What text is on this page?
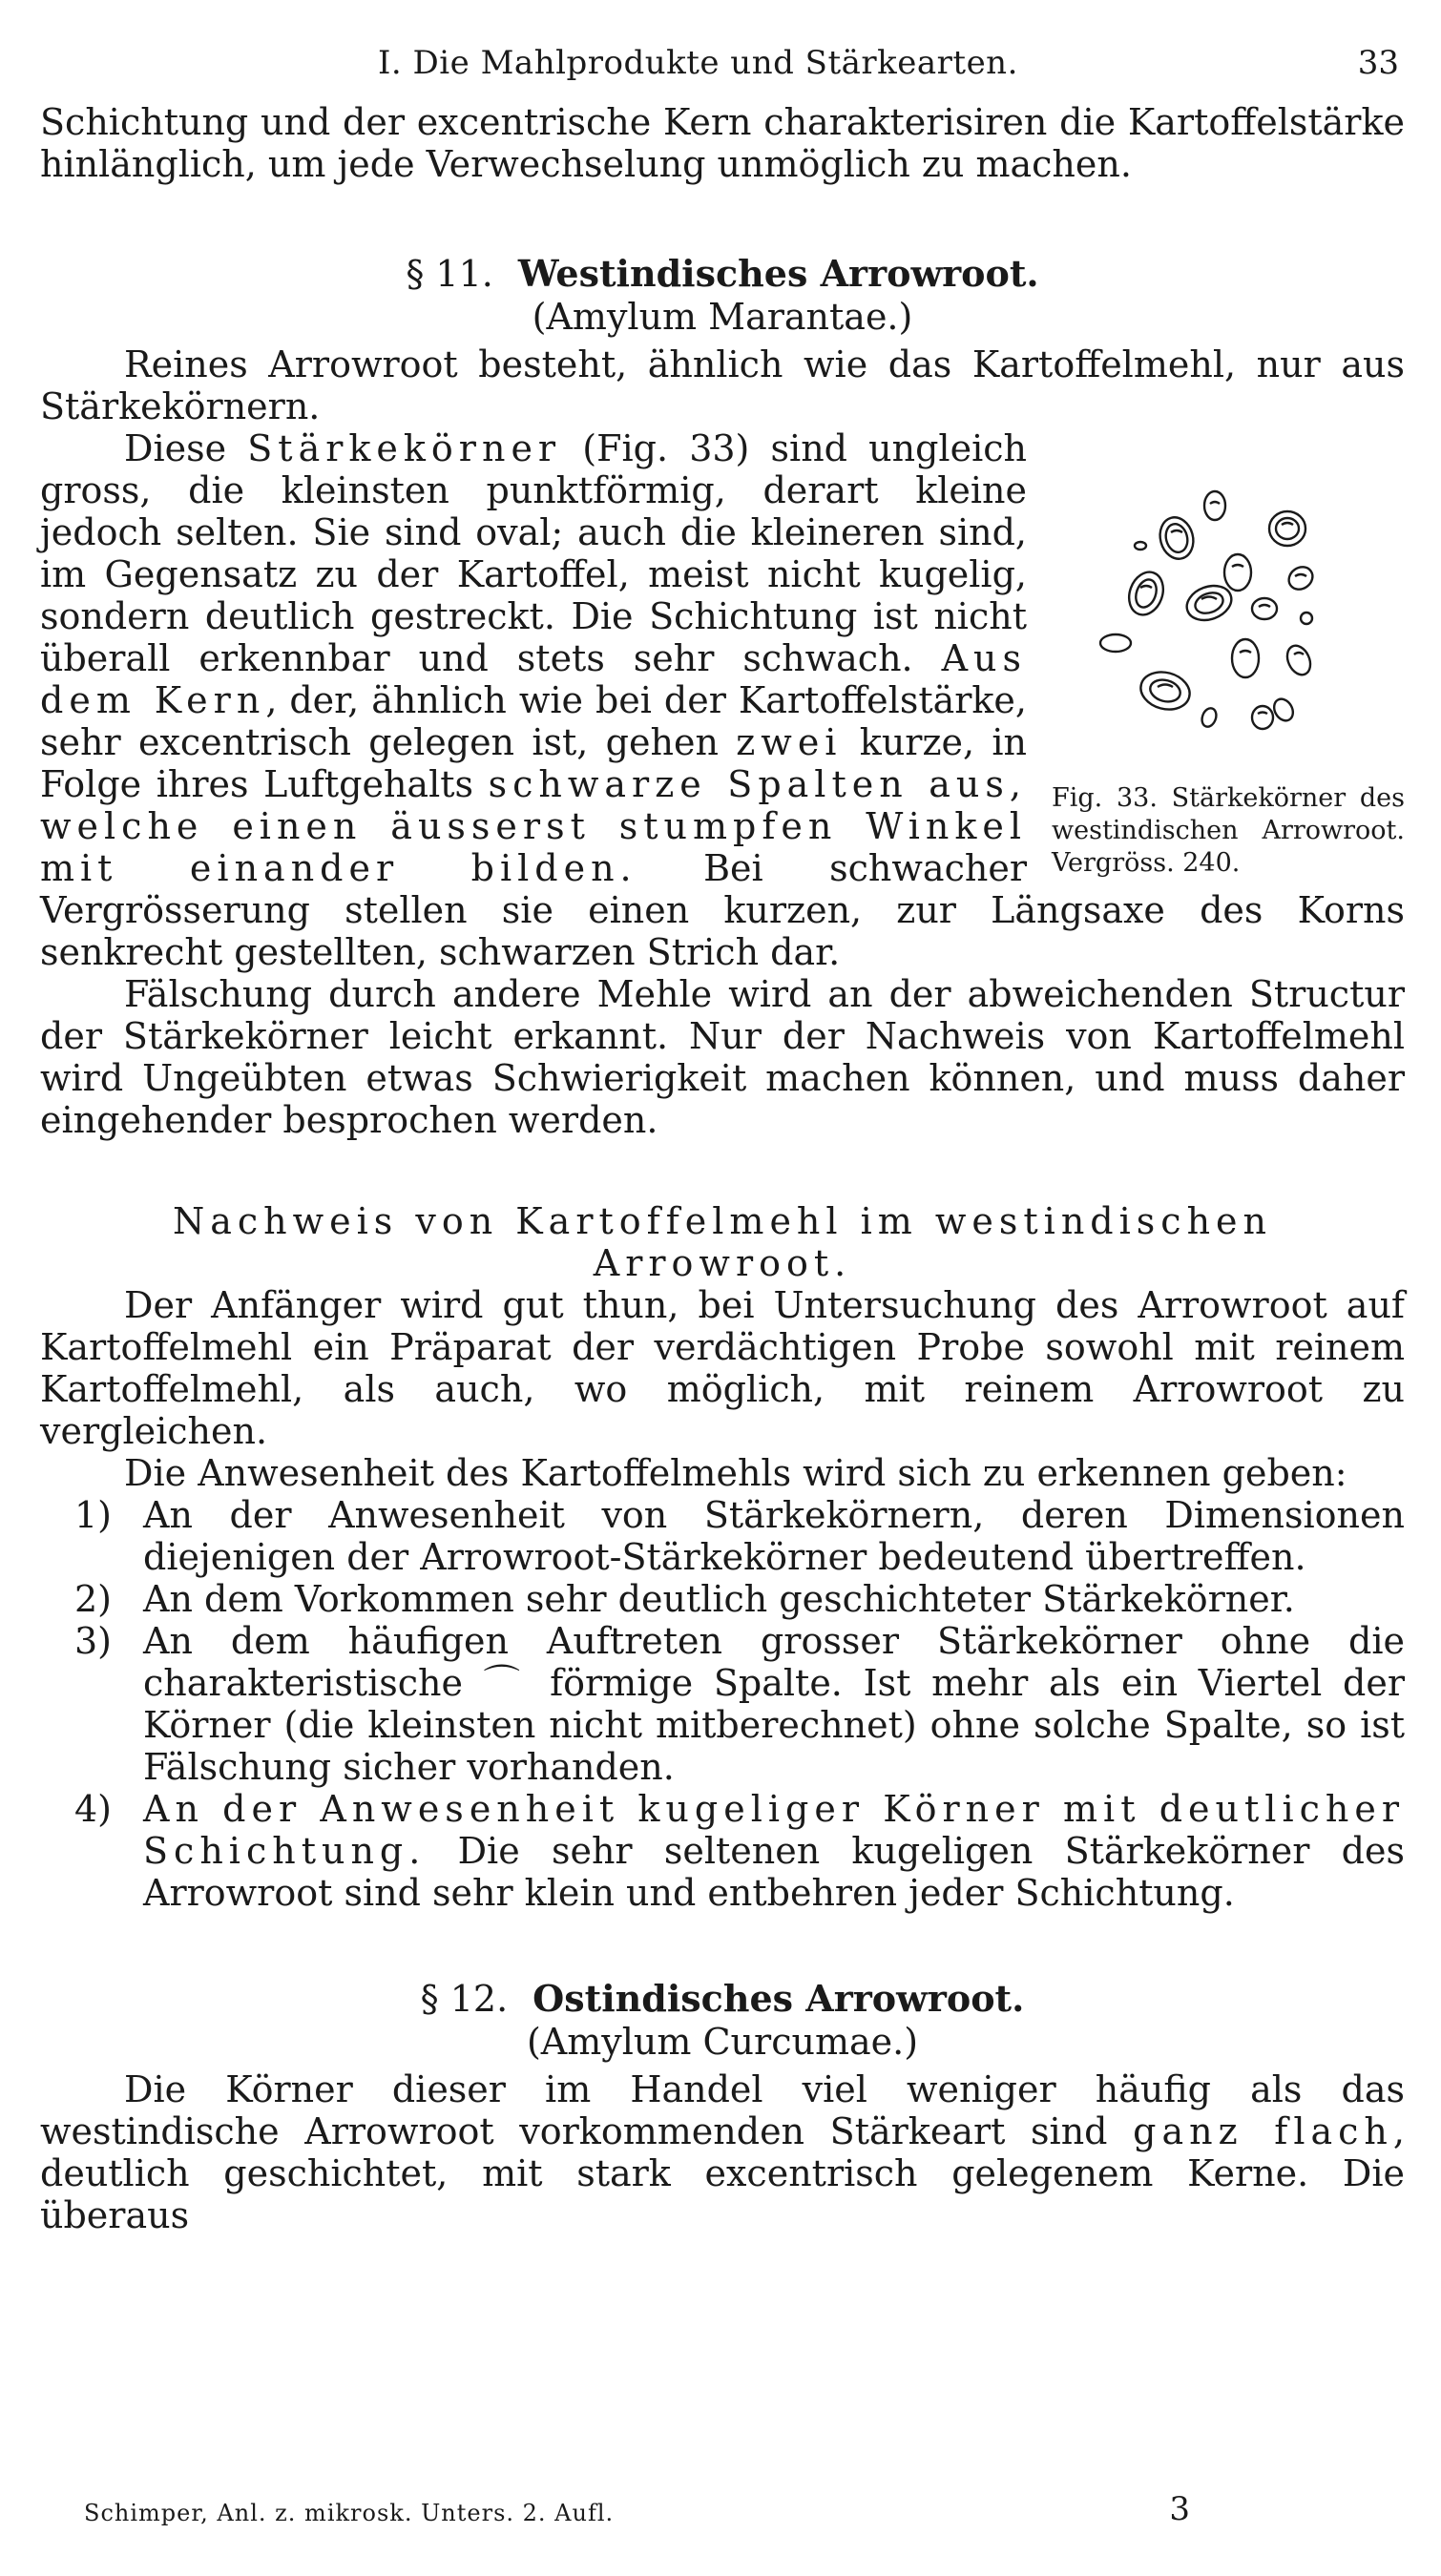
I. Die Mahlprodukte und Stärkearten.	33

Schichtung und der excentrische Kern charakterisiren die Kartoffelstärke hinlänglich, um jede Verwechselung unmöglich zu machen.

§ 11. Westindisches Arrowroot.
(Amylum Marantae.)

Reines Arrowroot besteht, ähnlich wie das Kartoffelmehl, nur aus Stärkekörnern.

Fig. 33. Stärkekörner des westindischen Arrowroot. Vergröss. 240.

Diese Stärkekörner (Fig. 33) sind ungleich gross, die kleinsten punktförmig, derart kleine jedoch selten. Sie sind oval; auch die kleineren sind, im Gegensatz zu der Kartoffel, meist nicht kugelig, sondern deutlich gestreckt. Die Schichtung ist nicht überall erkennbar und stets sehr schwach. Aus dem Kern, der, ähnlich wie bei der Kartoffelstärke, sehr excentrisch gelegen ist, gehen zwei kurze, in Folge ihres Luftgehalts schwarze Spalten aus, welche einen äusserst stumpfen Winkel mit einander bilden. Bei schwacher Vergrösserung stellen sie einen kurzen, zur Längsaxe des Korns senkrecht gestellten, schwarzen Strich dar.

Fälschung durch andere Mehle wird an der abweichenden Structur der Stärkekörner leicht erkannt. Nur der Nachweis von Kartoffelmehl wird Ungeübten etwas Schwierigkeit machen können, und muss daher eingehender besprochen werden.

Nachweis von Kartoffelmehl im westindischen
Arrowroot.

Der Anfänger wird gut thun, bei Untersuchung des Arrowroot auf Kartoffelmehl ein Präparat der verdächtigen Probe sowohl mit reinem Kartoffelmehl, als auch, wo möglich, mit reinem Arrowroot zu vergleichen.

Die Anwesenheit des Kartoffelmehls wird sich zu erkennen geben:

1) An der Anwesenheit von Stärkekörnern, deren Dimensionen diejenigen der Arrowroot-Stärkekörner bedeutend übertreffen.
2) An dem Vorkommen sehr deutlich geschichteter Stärkekörner.
3) An dem häufigen Auftreten grosser Stärkekörner ohne die charakteristische ⌒ förmige Spalte. Ist mehr als ein Viertel der Körner (die kleinsten nicht mitberechnet) ohne solche Spalte, so ist Fälschung sicher vorhanden.
4) An der Anwesenheit kugeliger Körner mit deutlicher Schichtung. Die sehr seltenen kugeligen Stärkekörner des Arrowroot sind sehr klein und entbehren jeder Schichtung.
§ 12. Ostindisches Arrowroot.
(Amylum Curcumae.)

Die Körner dieser im Handel viel weniger häufig als das westindische Arrowroot vorkommenden Stärkeart sind ganz flach, deutlich geschichtet, mit stark excentrisch gelegenem Kerne. Die überaus

Schimper, Anl. z. mikrosk. Unters. 2. Aufl.	3
